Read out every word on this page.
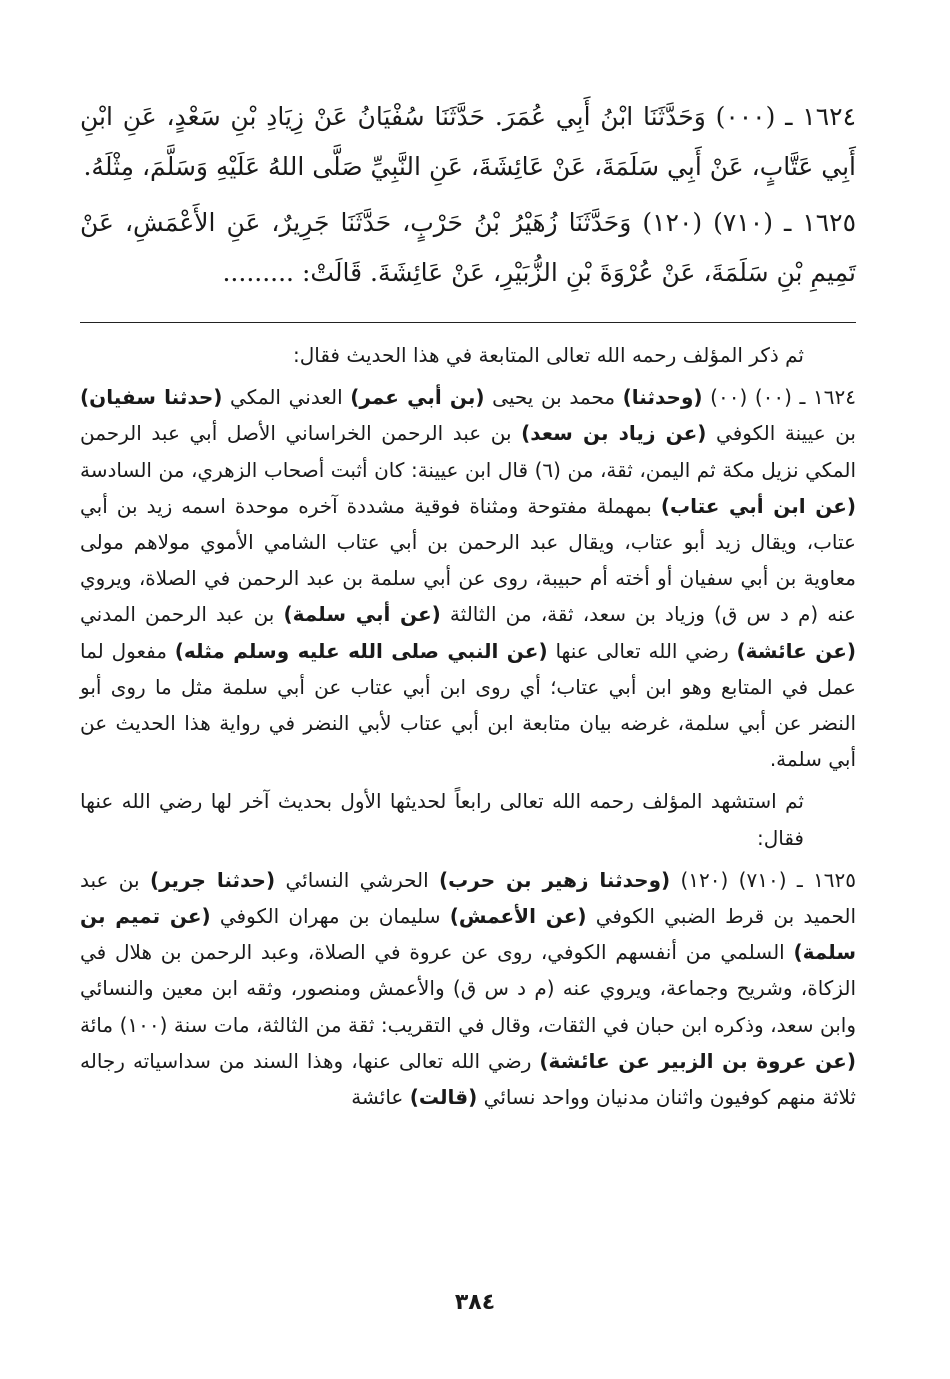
١٦٢٤ ـ (٠٠٠) وَحَدَّثَنَا ابْنُ أَبِي عُمَرَ. حَدَّثَنَا سُفْيَانُ عَنْ زِيَادِ بْنِ سَعْدٍ، عَنِ ابْنِ أَبِي عَتَّابٍ، عَنْ أَبِي سَلَمَةَ، عَنْ عَائِشَةَ، عَنِ النَّبِيِّ صَلَّى اللهُ عَلَيْهِ وَسَلَّمَ، مِثْلَهُ.

١٦٢٥ ـ (٧١٠) (١٢٠) وَحَدَّثَنَا زُهَيْرُ بْنُ حَرْبٍ، حَدَّثَنَا جَرِيرٌ، عَنِ الأَعْمَشِ، عَنْ تَمِيمِ بْنِ سَلَمَةَ، عَنْ عُرْوَةَ بْنِ الزُّبَيْرِ، عَنْ عَائِشَةَ. قَالَتْ: .........

ثم ذكر المؤلف رحمه الله تعالى المتابعة في هذا الحديث فقال:

١٦٢٤ ـ (٠٠) (٠٠) (وحدثنا) محمد بن يحيى (بن أبي عمر) العدني المكي (حدثنا سفيان) بن عيينة الكوفي (عن زياد بن سعد) بن عبد الرحمن الخراساني الأصل أبي عبد الرحمن المكي نزيل مكة ثم اليمن، ثقة، من (٦) قال ابن عيينة: كان أثبت أصحاب الزهري، من السادسة (عن ابن أبي عتاب) بمهملة مفتوحة ومثناة فوقية مشددة آخره موحدة اسمه زيد بن أبي عتاب، ويقال زيد أبو عتاب، ويقال عبد الرحمن بن أبي عتاب الشامي الأموي مولاهم مولى معاوية بن أبي سفيان أو أخته أم حبيبة، روى عن أبي سلمة بن عبد الرحمن في الصلاة، ويروي عنه (م د س ق) وزياد بن سعد، ثقة، من الثالثة (عن أبي سلمة) بن عبد الرحمن المدني (عن عائشة) رضي الله تعالى عنها (عن النبي صلى الله عليه وسلم مثله) مفعول لما عمل في المتابع وهو ابن أبي عتاب؛ أي روى ابن أبي عتاب عن أبي سلمة مثل ما روى أبو النضر عن أبي سلمة، غرضه بيان متابعة ابن أبي عتاب لأبي النضر في رواية هذا الحديث عن أبي سلمة.

ثم استشهد المؤلف رحمه الله تعالى رابعاً لحديثها الأول بحديث آخر لها رضي الله عنها فقال:

١٦٢٥ ـ (٧١٠) (١٢٠) (وحدثنا زهير بن حرب) الحرشي النسائي (حدثنا جرير) بن عبد الحميد بن قرط الضبي الكوفي (عن الأعمش) سليمان بن مهران الكوفي (عن تميم بن سلمة) السلمي من أنفسهم الكوفي، روى عن عروة في الصلاة، وعبد الرحمن بن هلال في الزكاة، وشريح وجماعة، ويروي عنه (م د س ق) والأعمش ومنصور، وثقه ابن معين والنسائي وابن سعد، وذكره ابن حبان في الثقات، وقال في التقريب: ثقة من الثالثة، مات سنة (١٠٠) مائة (عن عروة بن الزبير عن عائشة) رضي الله تعالى عنها، وهذا السند من سداسياته رجاله ثلاثة منهم كوفيون واثنان مدنيان وواحد نسائي (قالت) عائشة

٣٨٤
